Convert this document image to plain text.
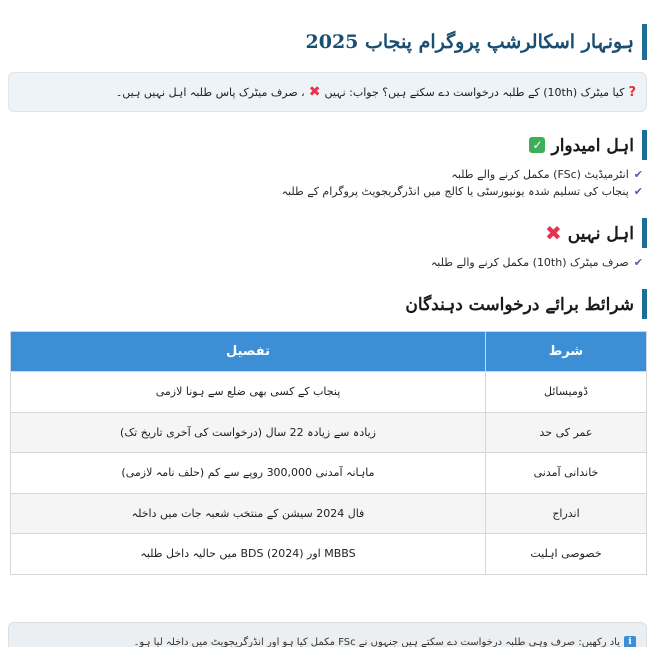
ہونہار اسکالرشپ پروگرام پنجاب 2025
?
کیا میٹرک (10th) کے طلبہ درخواست دے سکتے ہیں؟ جواب: نہیں
✖
، صرف میٹرک پاس طلبہ اہل نہیں ہیں۔
اہل امیدوار
✓
✔
انٹرمیڈیٹ (FSc) مکمل کرنے والے طلبہ
✔
پنجاب کی تسلیم شدہ یونیورسٹی یا کالج میں انڈرگریجویٹ پروگرام کے طلبہ
اہل نہیں
✖
✔
صرف میٹرک (10th) مکمل کرنے والے طلبہ
شرائط برائے درخواست دہندگان
شرط	تفصیل
ڈومیسائل	پنجاب کے کسی بھی ضلع سے ہونا لازمی
عمر کی حد	زیادہ سے زیادہ 22 سال (درخواست کی آخری تاریخ تک)
خاندانی آمدنی	ماہانہ آمدنی 300,000 روپے سے کم (حلف نامہ لازمی)
اندراج	فال 2024 سیشن کے منتخب شعبہ جات میں داخلہ
خصوصی اہلیت	MBBS اور BDS (2024) میں حالیہ داخل طلبہ
i
یاد رکھیں: صرف وہی طلبہ درخواست دے سکتے ہیں جنہوں نے FSc مکمل کیا ہو اور انڈرگریجویٹ میں داخلہ لیا ہو۔
